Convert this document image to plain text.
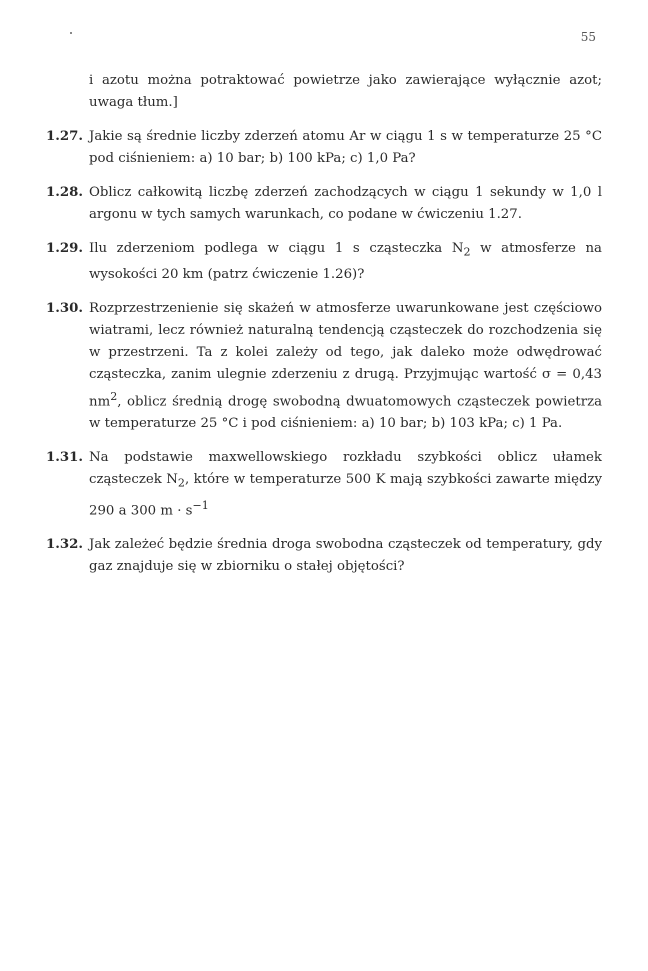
55
i azotu można potraktować powietrze jako zawierające wyłącznie azot; uwaga tłum.]
1.27. Jakie są średnie liczby zderzeń atomu Ar w ciągu 1 s w temperaturze 25 °C pod ciśnieniem: a) 10 bar; b) 100 kPa; c) 1,0 Pa?
1.28. Oblicz całkowitą liczbę zderzeń zachodzących w ciągu 1 sekundy w 1,0 l argonu w tych samych warunkach, co podane w ćwiczeniu 1.27.
1.29. Ilu zderzeniom podlega w ciągu 1 s cząsteczka $N_2$ w atmosferze na wysokości 20 km (patrz ćwiczenie 1.26)?
1.30. Rozprzestrzenienie się skażeń w atmosferze uwarunkowane jest częściowo wiatrami, lecz również naturalną tendencją cząsteczek do rozchodzenia się w przestrzeni. Ta z kolei zależy od tego, jak daleko może odwędrować cząsteczka, zanim ulegnie zderzeniu z drugą. Przyjmując wartość σ = 0,43 $nm^2$, oblicz średnią drogę swobodną dwuatomowych cząsteczek powietrza w temperaturze 25 °C i pod ciśnieniem: a) 10 bar; b) 103 kPa; c) 1 Pa.
1.31. Na podstawie maxwellowskiego rozkładu szybkości oblicz ułamek cząsteczek $N_2$, które w temperaturze 500 K mają szybkości zawarte między 290 a 300 $m \cdot s^{-1}$
1.32. Jak zależeć będzie średnia droga swobodna cząsteczek od temperatury, gdy gaz znajduje się w zbiorniku o stałej objętości?
